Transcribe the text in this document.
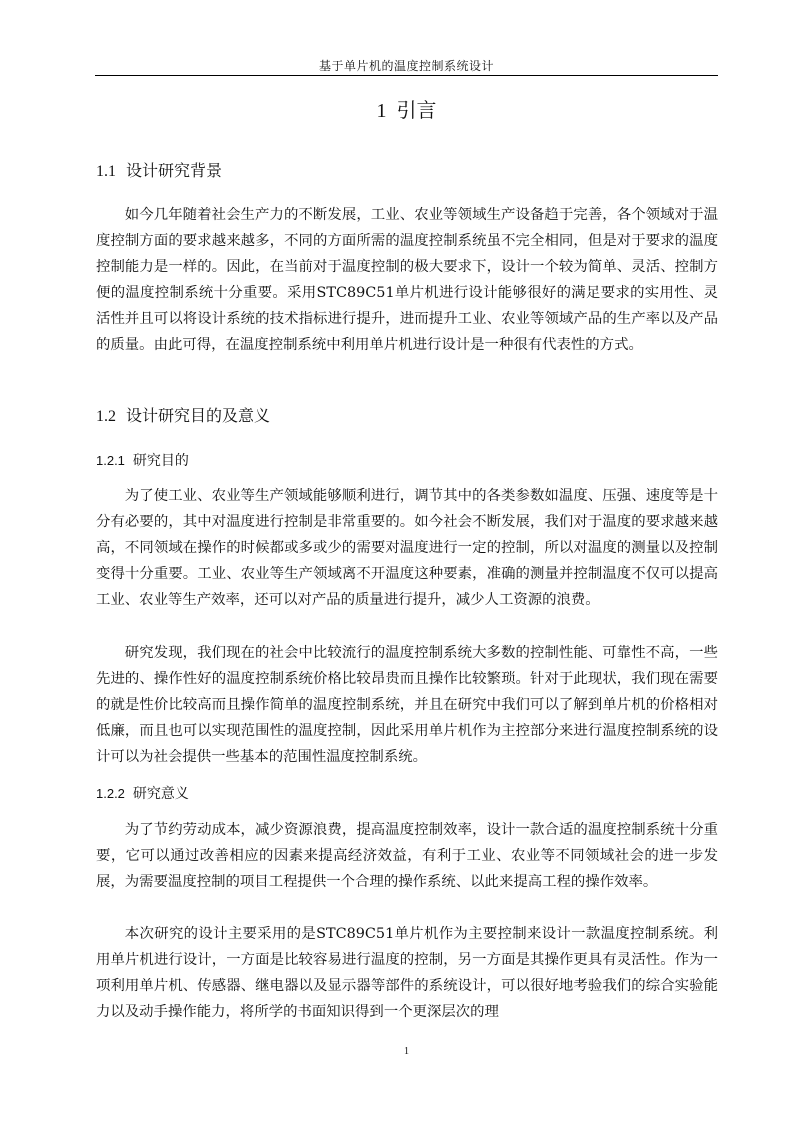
基于单片机的温度控制系统设计
1 引言
1.1 设计研究背景

如今几年随着社会生产力的不断发展，工业、农业等领域生产设备趋于完善，各个领域对于温度控制方面的要求越来越多，不同的方面所需的温度控制系统虽不完全相同，但是对于要求的温度控制能力是一样的。因此，在当前对于温度控制的极大要求下，设计一个较为简单、灵活、控制方便的温度控制系统十分重要。采用STC89C51单片机进行设计能够很好的满足要求的实用性、灵活性并且可以将设计系统的技术指标进行提升，进而提升工业、农业等领域产品的生产率以及产品的质量。由此可得，在温度控制系统中利用单片机进行设计是一种很有代表性的方式。

1.2 设计研究目的及意义
1.2.1 研究目的

为了使工业、农业等生产领域能够顺利进行，调节其中的各类参数如温度、压强、速度等是十分有必要的，其中对温度进行控制是非常重要的。如今社会不断发展，我们对于温度的要求越来越高，不同领域在操作的时候都或多或少的需要对温度进行一定的控制，所以对温度的测量以及控制变得十分重要。工业、农业等生产领域离不开温度这种要素，准确的测量并控制温度不仅可以提高工业、农业等生产效率，还可以对产品的质量进行提升，减少人工资源的浪费。

研究发现，我们现在的社会中比较流行的温度控制系统大多数的控制性能、可靠性不高，一些先进的、操作性好的温度控制系统价格比较昂贵而且操作比较繁琐。针对于此现状，我们现在需要的就是性价比较高而且操作简单的温度控制系统，并且在研究中我们可以了解到单片机的价格相对低廉，而且也可以实现范围性的温度控制，因此采用单片机作为主控部分来进行温度控制系统的设计可以为社会提供一些基本的范围性温度控制系统。

1.2.2 研究意义

为了节约劳动成本，减少资源浪费，提高温度控制效率，设计一款合适的温度控制系统十分重要，它可以通过改善相应的因素来提高经济效益，有利于工业、农业等不同领域社会的进一步发展，为需要温度控制的项目工程提供一个合理的操作系统、以此来提高工程的操作效率。

本次研究的设计主要采用的是STC89C51单片机作为主要控制来设计一款温度控制系统。利用单片机进行设计，一方面是比较容易进行温度的控制，另一方面是其操作更具有灵活性。作为一项利用单片机、传感器、继电器以及显示器等部件的系统设计，可以很好地考验我们的综合实验能力以及动手操作能力，将所学的书面知识得到一个更深层次的理

1
